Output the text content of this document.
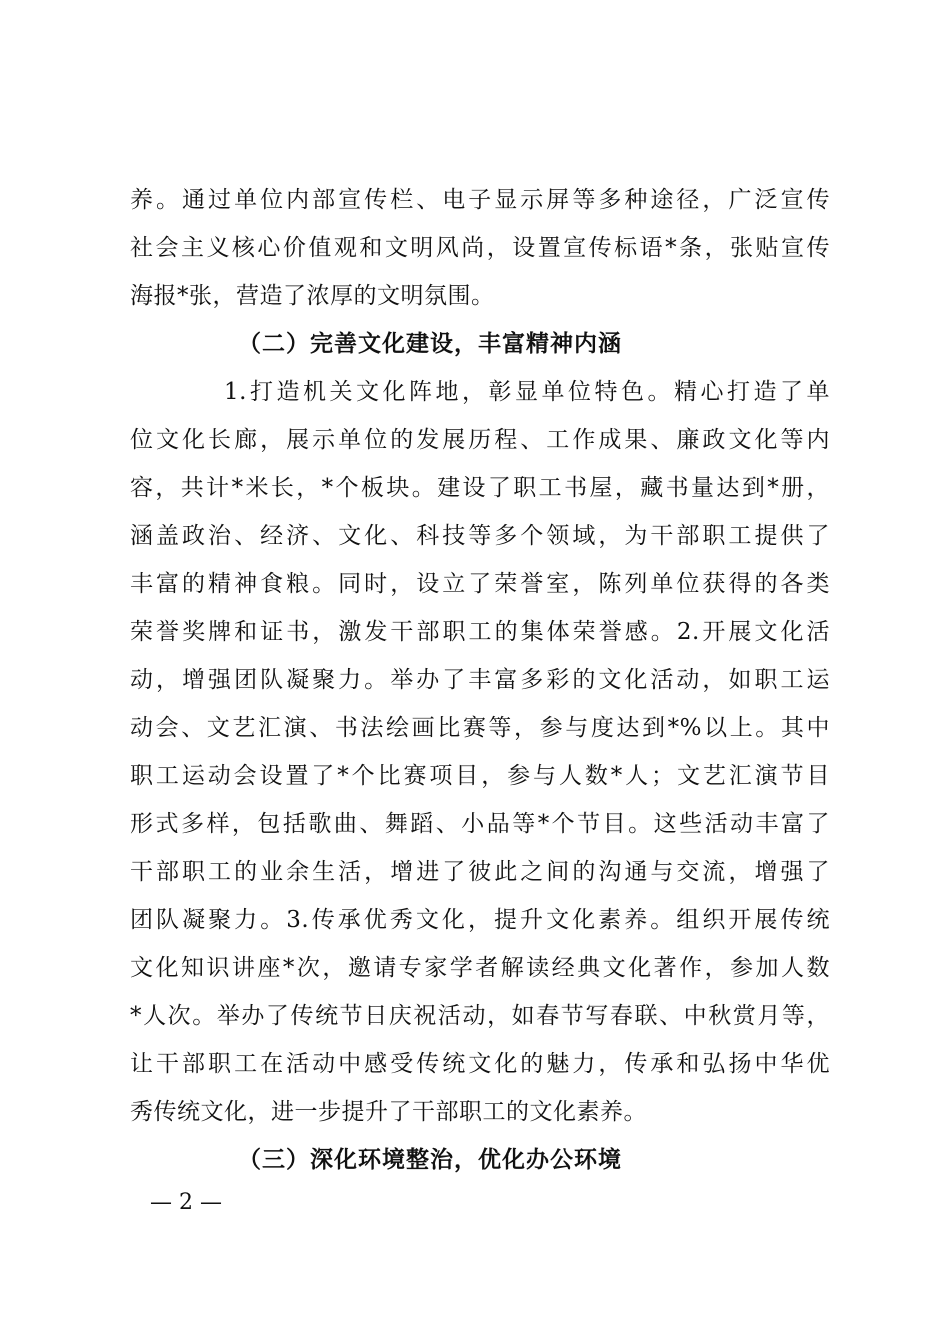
养。通过单位内部宣传栏、电子显示屏等多种途径，广泛宣传
社会主义核心价值观和文明风尚，设置宣传标语*条，张贴宣传
海报*张，营造了浓厚的文明氛围。
（二）完善文化建设，丰富精神内涵
1.打造机关文化阵地，彰显单位特色。精心打造了单
位文化长廊，展示单位的发展历程、工作成果、廉政文化等内
容，共计*米长，*个板块。建设了职工书屋，藏书量达到*册，
涵盖政治、经济、文化、科技等多个领域，为干部职工提供了
丰富的精神食粮。同时，设立了荣誉室，陈列单位获得的各类
荣誉奖牌和证书，激发干部职工的集体荣誉感。2.开展文化活
动，增强团队凝聚力。举办了丰富多彩的文化活动，如职工运
动会、文艺汇演、书法绘画比赛等，参与度达到*%以上。其中
职工运动会设置了*个比赛项目，参与人数*人；文艺汇演节目
形式多样，包括歌曲、舞蹈、小品等*个节目。这些活动丰富了
干部职工的业余生活，增进了彼此之间的沟通与交流，增强了
团队凝聚力。3.传承优秀文化，提升文化素养。组织开展传统
文化知识讲座*次，邀请专家学者解读经典文化著作，参加人数
*人次。举办了传统节日庆祝活动，如春节写春联、中秋赏月等，
让干部职工在活动中感受传统文化的魅力，传承和弘扬中华优
秀传统文化，进一步提升了干部职工的文化素养。
（三）深化环境整治，优化办公环境
— 2 —
